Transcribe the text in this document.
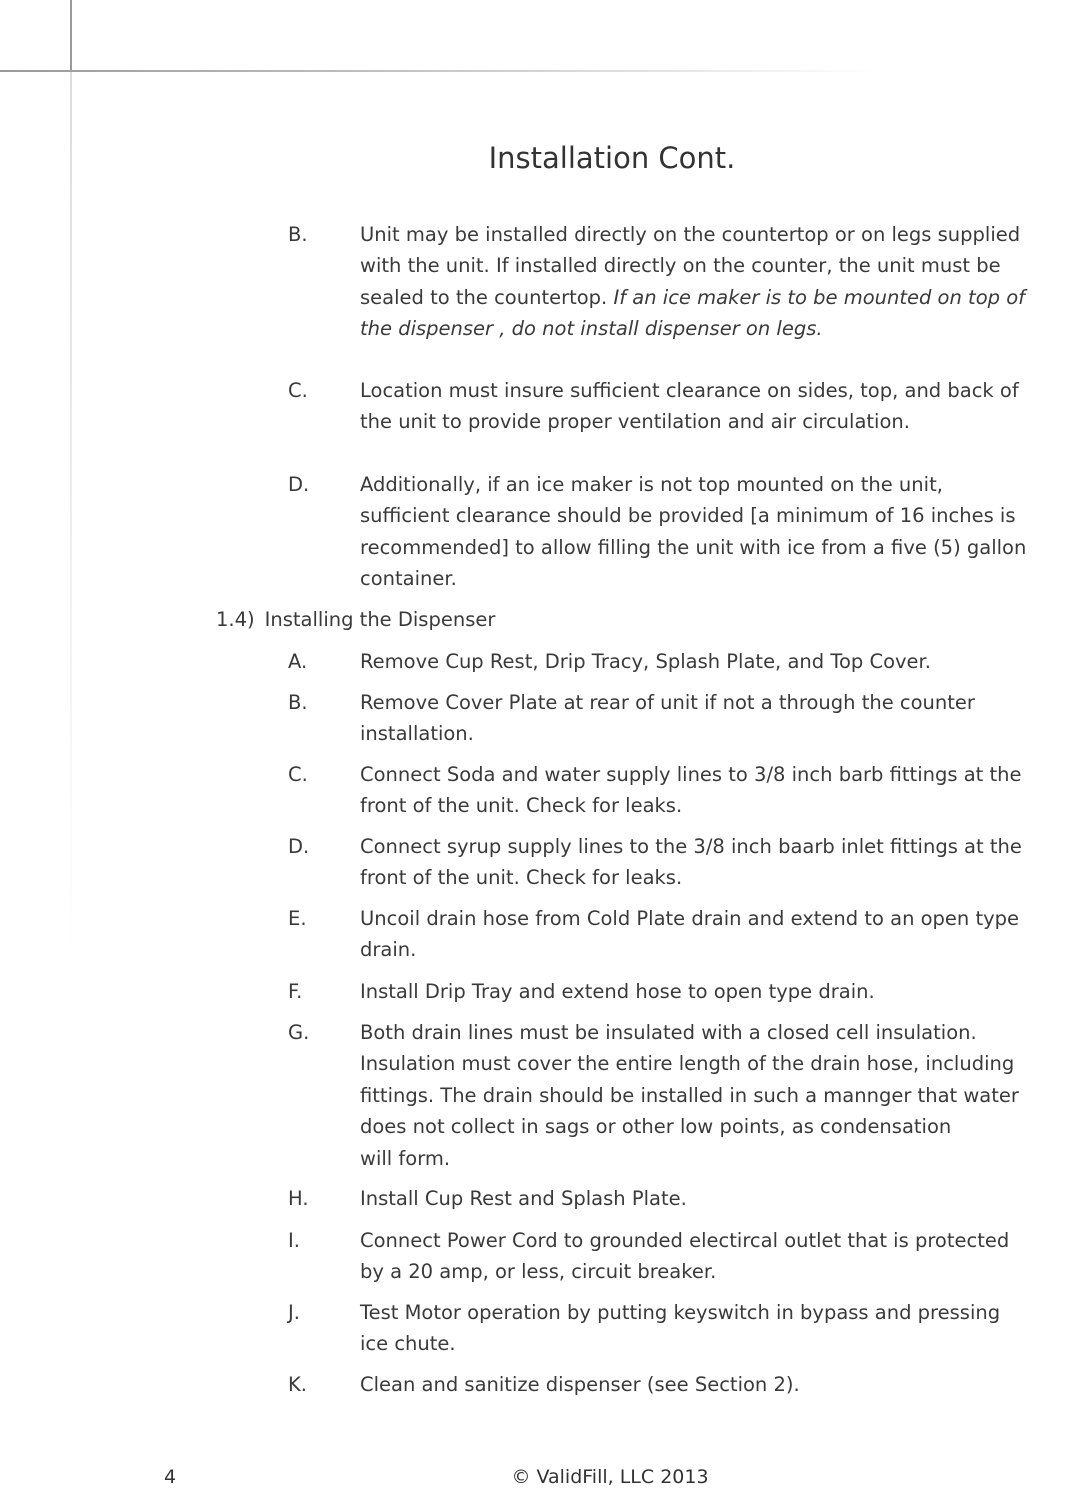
Installation Cont.
B.	Unit may be installed directly on the countertop or on legs supplied
with the unit. If installed directly on the counter, the unit must be
sealed to the countertop. If an ice maker is to be mounted on top of
the dispenser , do not install dispenser on legs.
C.	Location must insure sufficient clearance on sides, top, and back of
the unit to provide proper ventilation and air circulation.
D.	Additionally, if an ice maker is not top mounted on the unit,
sufficient clearance should be provided [a minimum of 16 inches is
recommended] to allow filling the unit with ice from a five (5) gallon
container.
1.4) Installing the Dispenser
A.	Remove Cup Rest, Drip Tracy, Splash Plate, and Top Cover.
B.	Remove Cover Plate at rear of unit if not a through the counter
installation.
C.	Connect Soda and water supply lines to 3/8 inch barb fittings at the
front of the unit. Check for leaks.
D.	Connect syrup supply lines to the 3/8 inch baarb inlet fittings at the
front of the unit. Check for leaks.
E.	Uncoil drain hose from Cold Plate drain and extend to an open type
drain.
F.	Install Drip Tray and extend hose to open type drain.
G.	Both drain lines must be insulated with a closed cell insulation.
Insulation must cover the entire length of the drain hose, including
fittings. The drain should be installed in such a mannger that water
does not collect in sags or other low points, as condensation
will form.
H.	Install Cup Rest and Splash Plate.
I.	Connect Power Cord to grounded electircal outlet that is protected
by a 20 amp, or less, circuit breaker.
J.	Test Motor operation by putting keyswitch in bypass and pressing
ice chute.
K.	Clean and sanitize dispenser (see Section 2).
4	© ValidFill, LLC 2013
